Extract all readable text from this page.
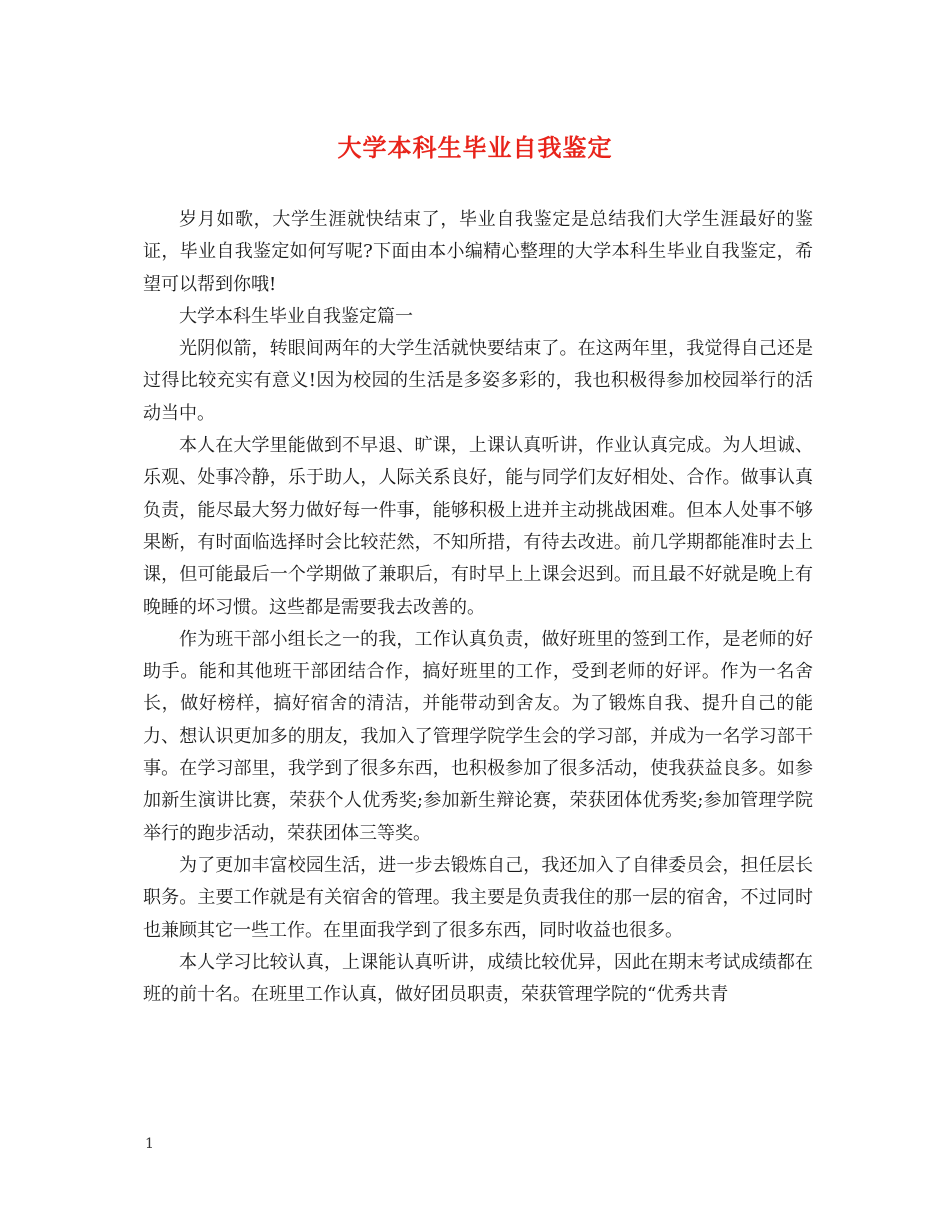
大学本科生毕业自我鉴定

岁月如歌，大学生涯就快结束了，毕业自我鉴定是总结我们大学生涯最好的鉴证，毕业自我鉴定如何写呢?下面由本小编精心整理的大学本科生毕业自我鉴定，希望可以帮到你哦!

大学本科生毕业自我鉴定篇一

光阴似箭，转眼间两年的大学生活就快要结束了。在这两年里，我觉得自己还是过得比较充实有意义!因为校园的生活是多姿多彩的，我也积极得参加校园举行的活动当中。

本人在大学里能做到不早退、旷课，上课认真听讲，作业认真完成。为人坦诚、乐观、处事冷静，乐于助人，人际关系良好，能与同学们友好相处、合作。做事认真负责，能尽最大努力做好每一件事，能够积极上进并主动挑战困难。但本人处事不够果断，有时面临选择时会比较茫然，不知所措，有待去改进。前几学期都能准时去上课，但可能最后一个学期做了兼职后，有时早上上课会迟到。而且最不好就是晚上有晚睡的坏习惯。这些都是需要我去改善的。

作为班干部小组长之一的我，工作认真负责，做好班里的签到工作，是老师的好助手。能和其他班干部团结合作，搞好班里的工作，受到老师的好评。作为一名舍长，做好榜样，搞好宿舍的清洁，并能带动到舍友。为了锻炼自我、提升自己的能力、想认识更加多的朋友，我加入了管理学院学生会的学习部，并成为一名学习部干事。在学习部里，我学到了很多东西，也积极参加了很多活动，使我获益良多。如参加新生演讲比赛，荣获个人优秀奖;参加新生辩论赛，荣获团体优秀奖;参加管理学院举行的跑步活动，荣获团体三等奖。

为了更加丰富校园生活，进一步去锻炼自己，我还加入了自律委员会，担任层长职务。主要工作就是有关宿舍的管理。我主要是负责我住的那一层的宿舍，不过同时也兼顾其它一些工作。在里面我学到了很多东西，同时收益也很多。

本人学习比较认真，上课能认真听讲，成绩比较优异，因此在期末考试成绩都在班的前十名。在班里工作认真，做好团员职责，荣获管理学院的“优秀共青

1
